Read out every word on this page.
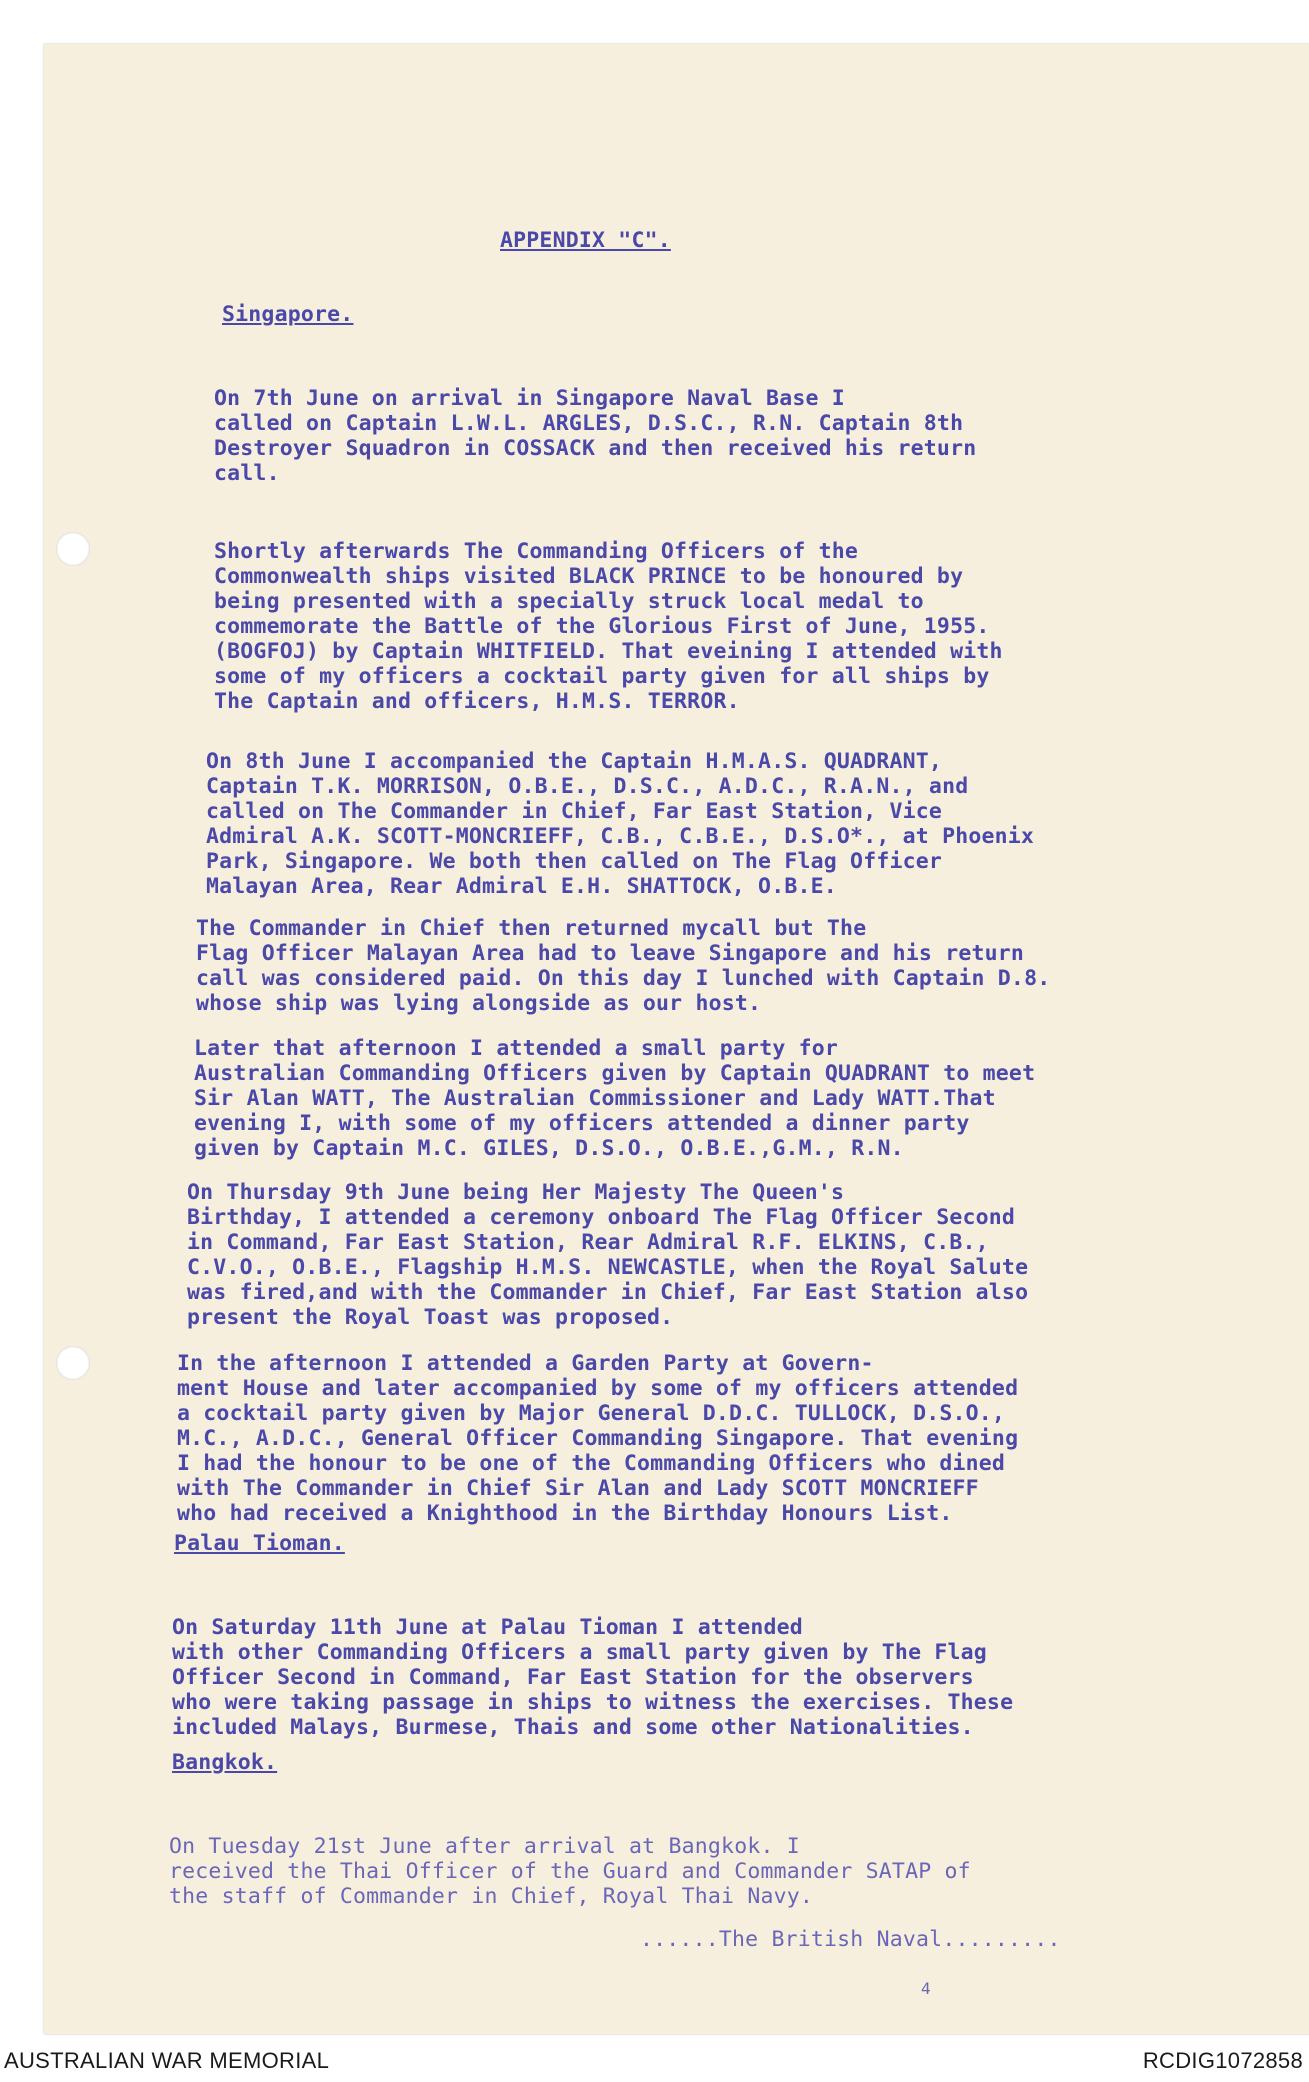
APPENDIX "C".

Singapore.

On 7th June on arrival in Singapore Naval Base I
called on Captain L.W.L. ARGLES, D.S.C., R.N. Captain 8th
Destroyer Squadron in COSSACK and then received his return
call.

Shortly afterwards The Commanding Officers of the
Commonwealth ships visited BLACK PRINCE to be honoured by
being presented with a specially struck local medal to
commemorate the Battle of the Glorious First of June, 1955.
(BOGFOJ) by Captain WHITFIELD. That eveining I attended with
some of my officers a cocktail party given for all ships by
The Captain and officers, H.M.S. TERROR.

On 8th June I accompanied the Captain H.M.A.S. QUADRANT,
Captain T.K. MORRISON, O.B.E., D.S.C., A.D.C., R.A.N., and
called on The Commander in Chief, Far East Station, Vice
Admiral A.K. SCOTT-MONCRIEFF, C.B., C.B.E., D.S.O*., at Phoenix
Park, Singapore. We both then called on The Flag Officer
Malayan Area, Rear Admiral E.H. SHATTOCK, O.B.E.

The Commander in Chief then returned mycall but The
Flag Officer Malayan Area had to leave Singapore and his return
call was considered paid. On this day I lunched with Captain D.8.
whose ship was lying alongside as our host.

Later that afternoon I attended a small party for
Australian Commanding Officers given by Captain QUADRANT to meet
Sir Alan WATT, The Australian Commissioner and Lady WATT.That
evening I, with some of my officers attended a dinner party
given by Captain M.C. GILES, D.S.O., O.B.E.,G.M., R.N.

On Thursday 9th June being Her Majesty The Queen's
Birthday, I attended a ceremony onboard The Flag Officer Second
in Command, Far East Station, Rear Admiral R.F. ELKINS, C.B.,
C.V.O., O.B.E., Flagship H.M.S. NEWCASTLE, when the Royal Salute
was fired,and with the Commander in Chief, Far East Station also
present the Royal Toast was proposed.

In the afternoon I attended a Garden Party at Govern-
ment House and later accompanied by some of my officers attended
a cocktail party given by Major General D.D.C. TULLOCK, D.S.O.,
M.C., A.D.C., General Officer Commanding Singapore. That evening
I had the honour to be one of the Commanding Officers who dined
with The Commander in Chief Sir Alan and Lady SCOTT MONCRIEFF
who had received a Knighthood in the Birthday Honours List.

Palau Tioman.

On Saturday 11th June at Palau Tioman I attended
with other Commanding Officers a small party given by The Flag
Officer Second in Command, Far East Station for the observers
who were taking passage in ships to witness the exercises. These
included Malays, Burmese, Thais and some other Nationalities.

Bangkok.

On Tuesday 21st June after arrival at Bangkok. I
received the Thai Officer of the Guard and Commander SATAP of
the staff of Commander in Chief, Royal Thai Navy.

......The British Naval.........

4

AUSTRALIAN WAR MEMORIAL	RCDIG1072858
